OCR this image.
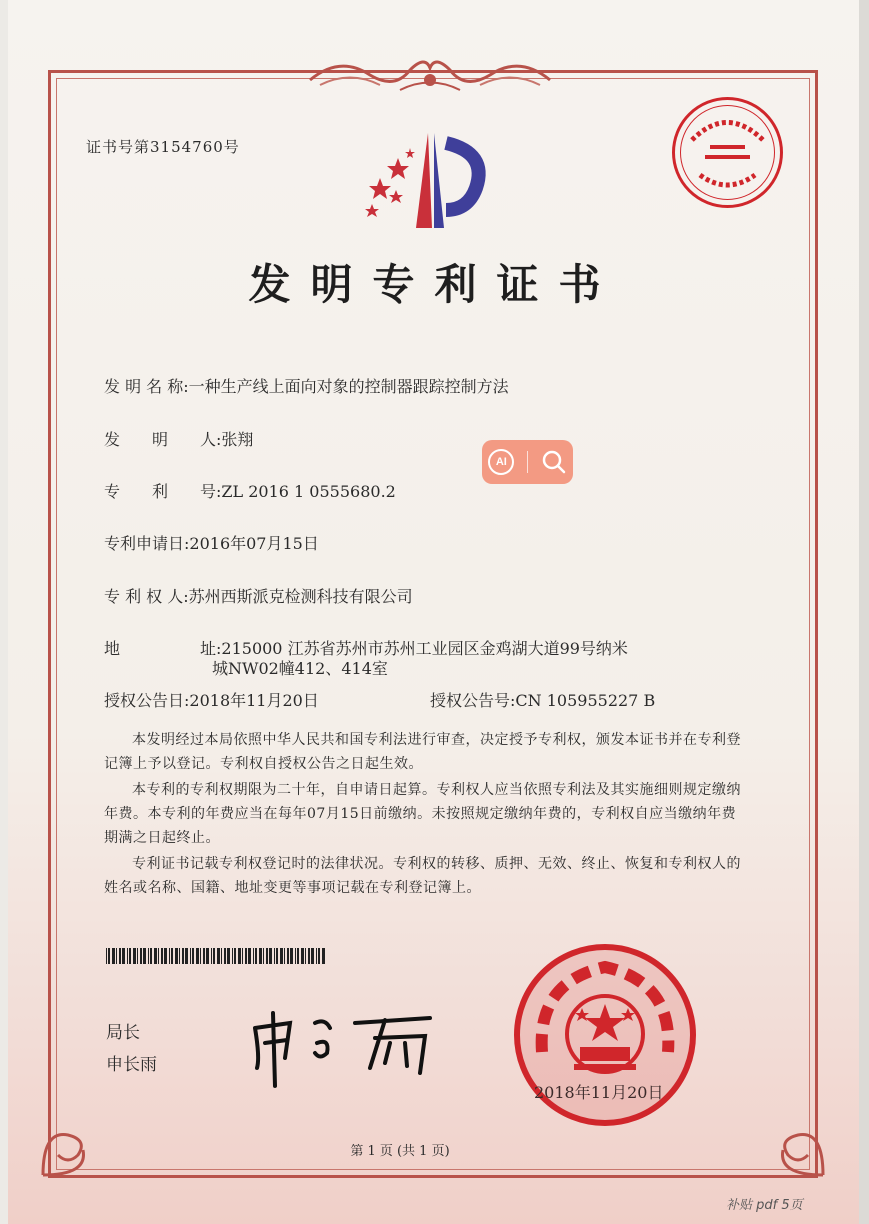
证书号第3154760号
发明专利证书
发 明 名 称:一种生产线上面向对象的控制器跟踪控制方法
发　　明　　人:张翔
专　　利　　号:ZL 2016 1 0555680.2
专利申请日:2016年07月15日
专 利 权 人:苏州西斯派克检测科技有限公司
地　　　　　址:215000 江苏省苏州市苏州工业园区金鸡湖大道99号纳米
城NW02幢412、414室
授权公告日:2018年11月20日	授权公告号:CN 105955227 B
本发明经过本局依照中华人民共和国专利法进行审查，决定授予专利权，颁发本证书并在专利登记簿上予以登记。专利权自授权公告之日起生效。
本专利的专利权期限为二十年，自申请日起算。专利权人应当依照专利法及其实施细则规定缴纳年费。本专利的年费应当在每年07月15日前缴纳。未按照规定缴纳年费的，专利权自应当缴纳年费期满之日起终止。
专利证书记载专利权登记时的法律状况。专利权的转移、质押、无效、终止、恢复和专利权人的姓名或名称、国籍、地址变更等事项记载在专利登记簿上。
AI
局长
申长雨
2018年11月20日
第 1 页 (共 1 页)
补贴 pdf 5页
